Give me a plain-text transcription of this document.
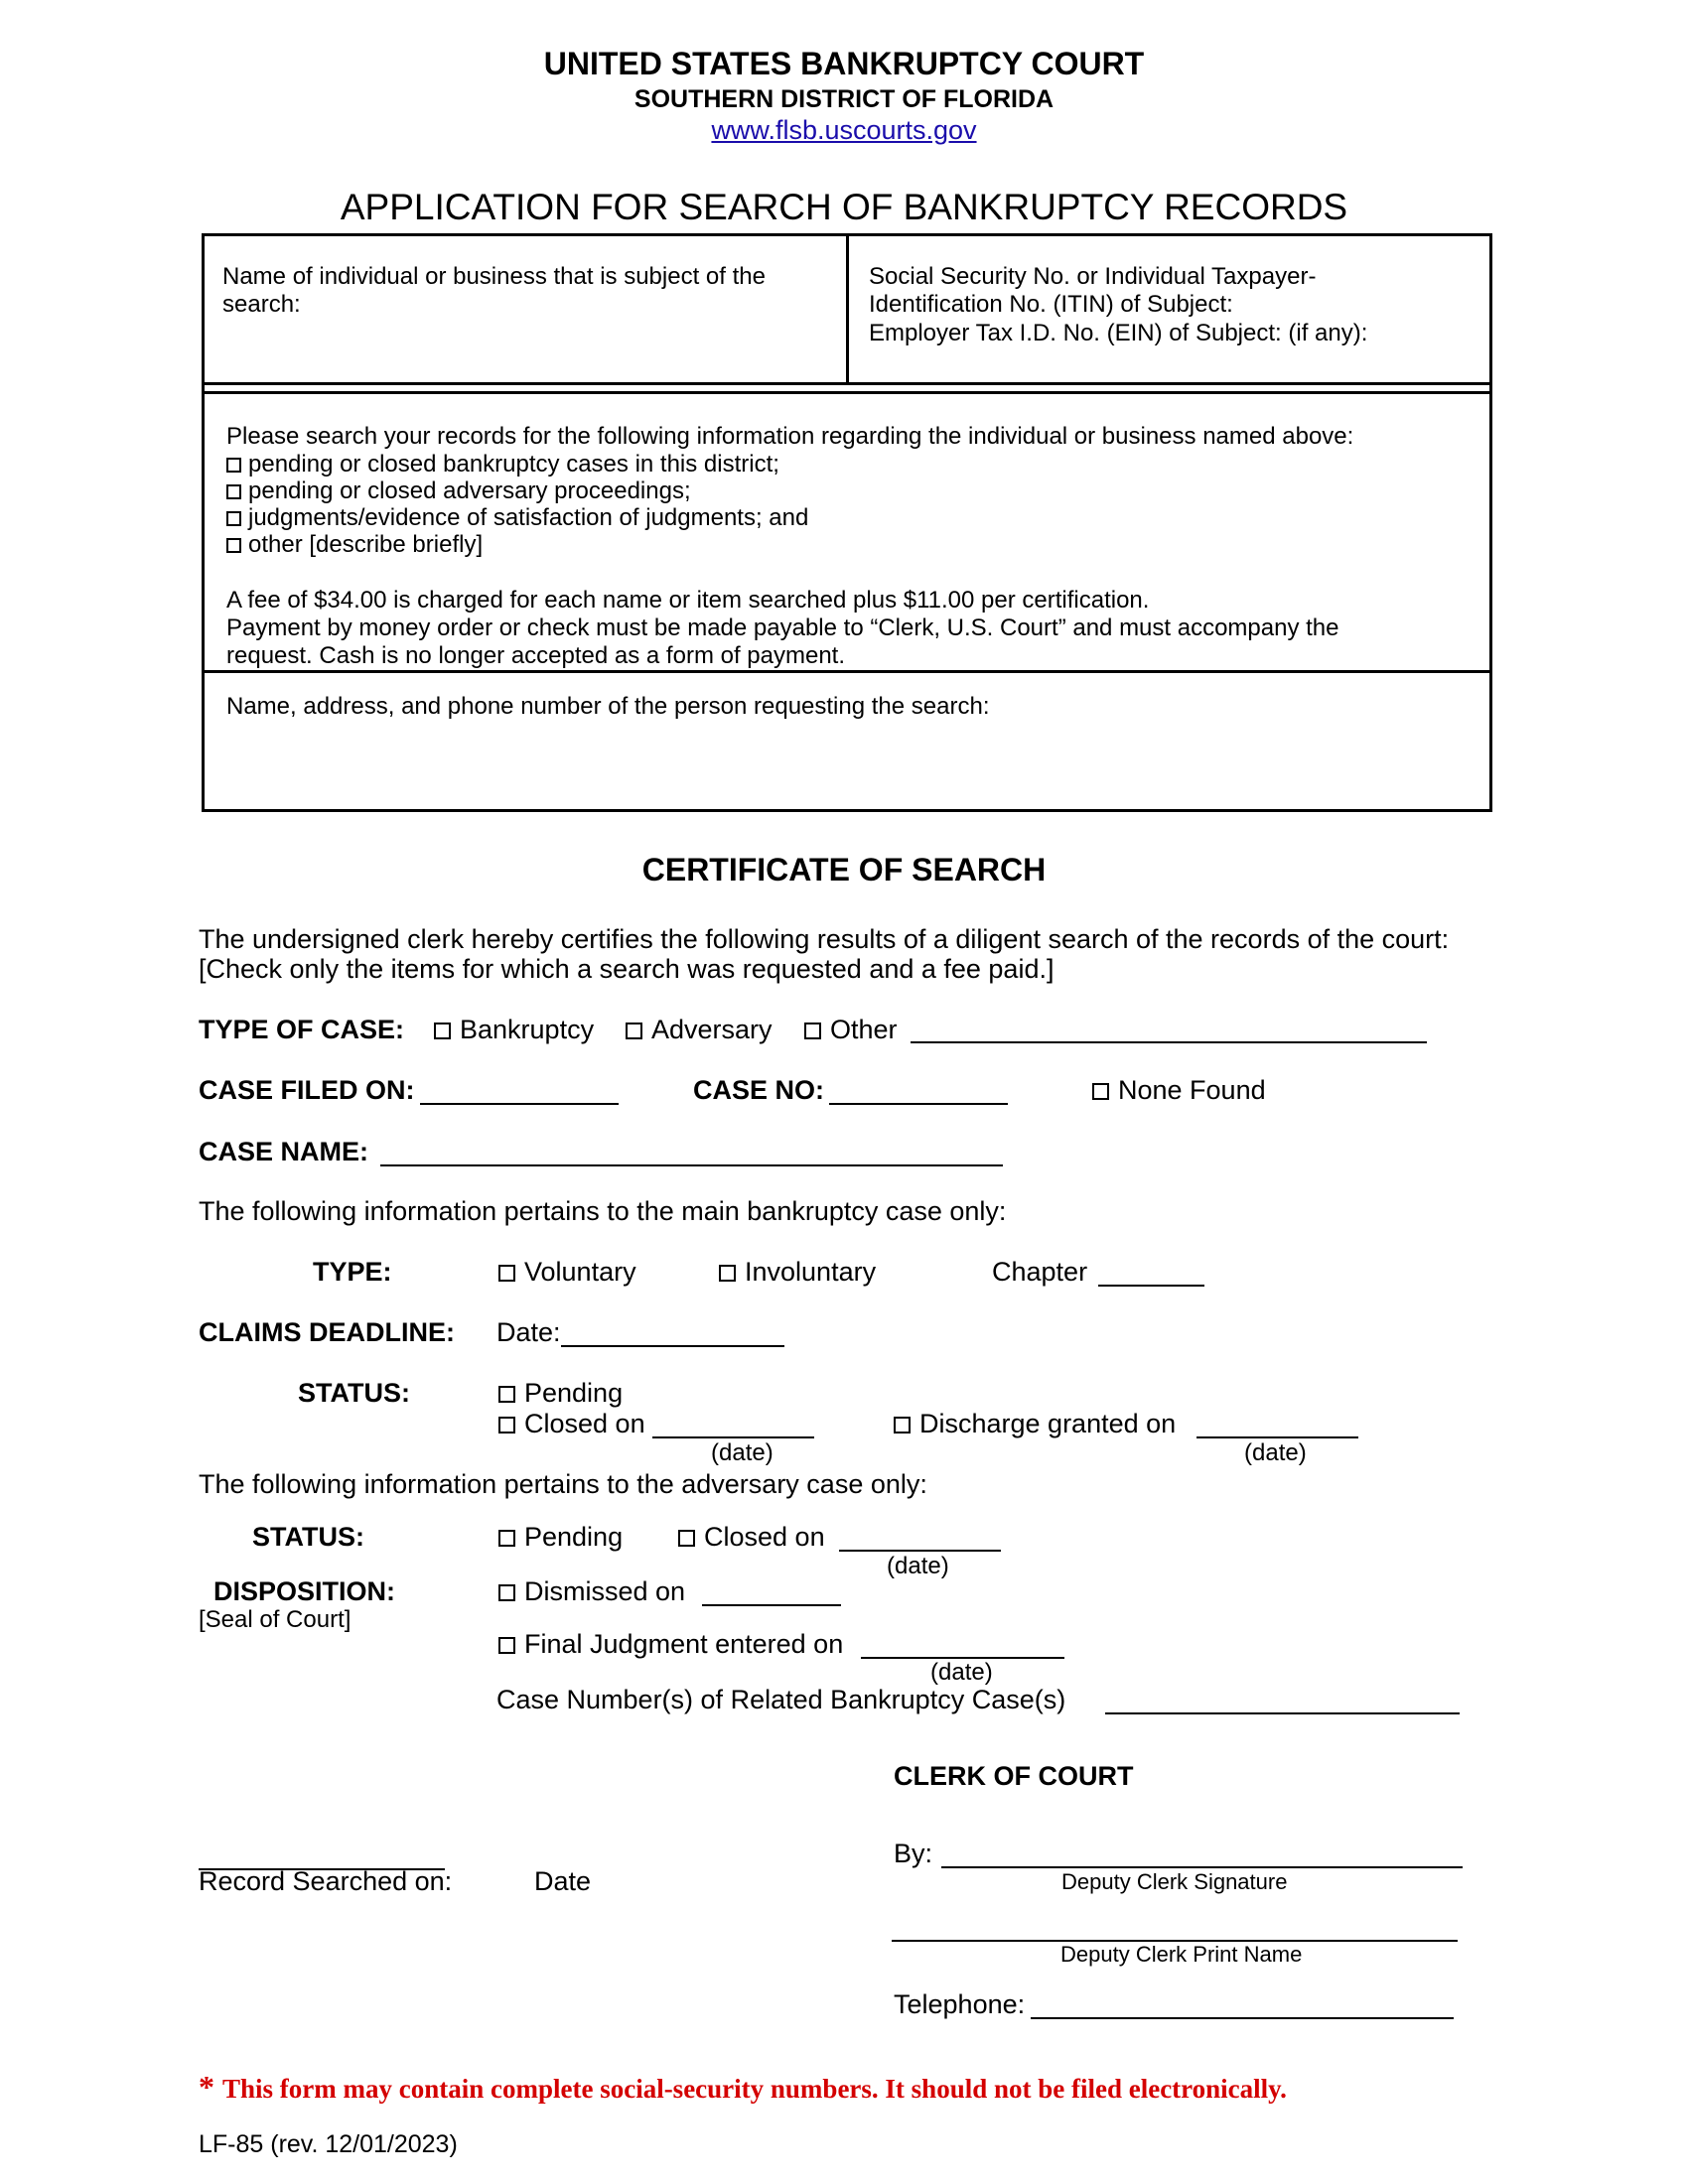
UNITED STATES BANKRUPTCY COURT
SOUTHERN DISTRICT OF FLORIDA
www.flsb.uscourts.gov
APPLICATION FOR SEARCH OF BANKRUPTCY RECORDS
Name of individual or business that is subject of the
search:
Social Security No. or Individual Taxpayer-
Identification No. (ITIN) of Subject:
Employer Tax I.D. No. (EIN) of Subject: (if any):
Please search your records for the following information regarding the individual or business named above:
pending or closed bankruptcy cases in this district;
pending or closed adversary proceedings;
judgments/evidence of satisfaction of judgments; and
other [describe briefly]
A fee of $34.00 is charged for each name or item searched plus $11.00 per certification.
Payment by money order or check must be made payable to “Clerk, U.S. Court” and must accompany the
request. Cash is no longer accepted as a form of payment.
Name, address, and phone number of the person requesting the search:
CERTIFICATE OF SEARCH
The undersigned clerk hereby certifies the following results of a diligent search of the records of the court:
[Check only the items for which a search was requested and a fee paid.]
TYPE OF CASE:	Bankruptcy	Adversary	Other
CASE FILED ON:	CASE NO:	None Found
CASE NAME:
The following information pertains to the main bankruptcy case only:
TYPE:	Voluntary	Involuntary	Chapter
CLAIMS DEADLINE: Date:
STATUS:	Pending
Closed on
(date)
Discharge granted on
(date)
The following information pertains to the adversary case only:
STATUS:	Pending	Closed on
(date)
DISPOSITION:
[Seal of Court]
Dismissed on
Final Judgment entered on
(date)
Case Number(s) of Related Bankruptcy Case(s)
CLERK OF COURT
By:
Deputy Clerk Signature
Record Searched on:	Date
Deputy Clerk Print Name
Telephone:
* This form may contain complete social-security numbers. It should not be filed electronically.
LF-85 (rev. 12/01/2023)
